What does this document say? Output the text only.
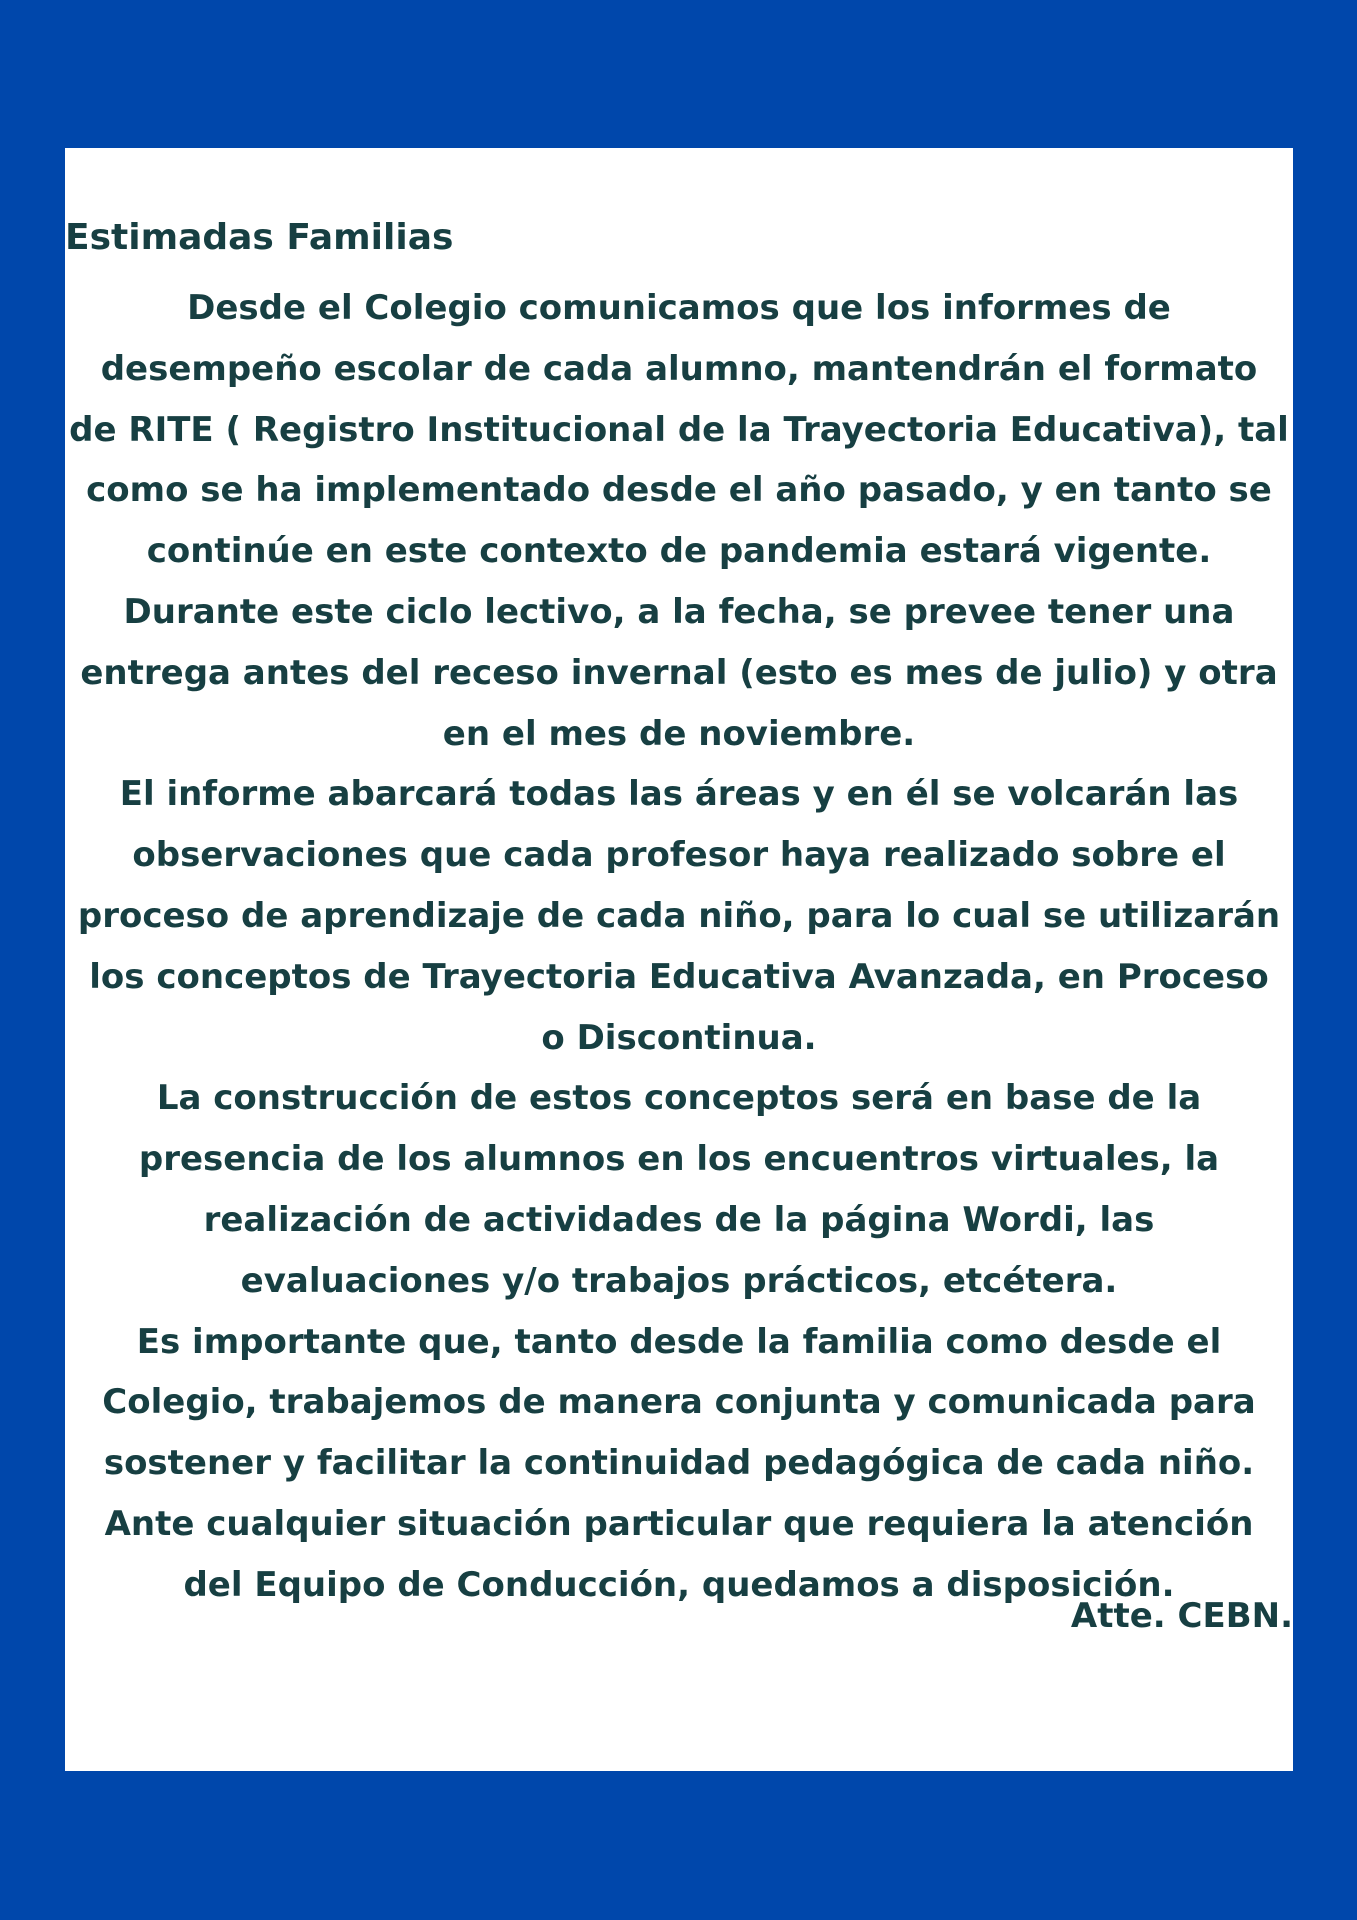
Estimadas Familias

Desde el Colegio comunicamos que los informes de
desempeño escolar de cada alumno, mantendrán el formato
de RITE ( Registro Institucional de la Trayectoria Educativa), tal
como se ha implementado desde el año pasado, y en tanto se
continúe en este contexto de pandemia estará vigente.
Durante este ciclo lectivo, a la fecha, se prevee tener una
entrega antes del receso invernal (esto es mes de julio) y otra
en el mes de noviembre.
El informe abarcará todas las áreas y en él se volcarán las
observaciones que cada profesor haya realizado sobre el
proceso de aprendizaje de cada niño, para lo cual se utilizarán
los conceptos de Trayectoria Educativa Avanzada, en Proceso
o Discontinua.
La construcción de estos conceptos será en base de la
presencia de los alumnos en los encuentros virtuales, la
realización de actividades de la página Wordi, las
evaluaciones y/o trabajos prácticos, etcétera.
Es importante que, tanto desde la familia como desde el
Colegio, trabajemos de manera conjunta y comunicada para
sostener y facilitar la continuidad pedagógica de cada niño.
Ante cualquier situación particular que requiera la atención
del Equipo de Conducción, quedamos a disposición.

Atte. CEBN.
